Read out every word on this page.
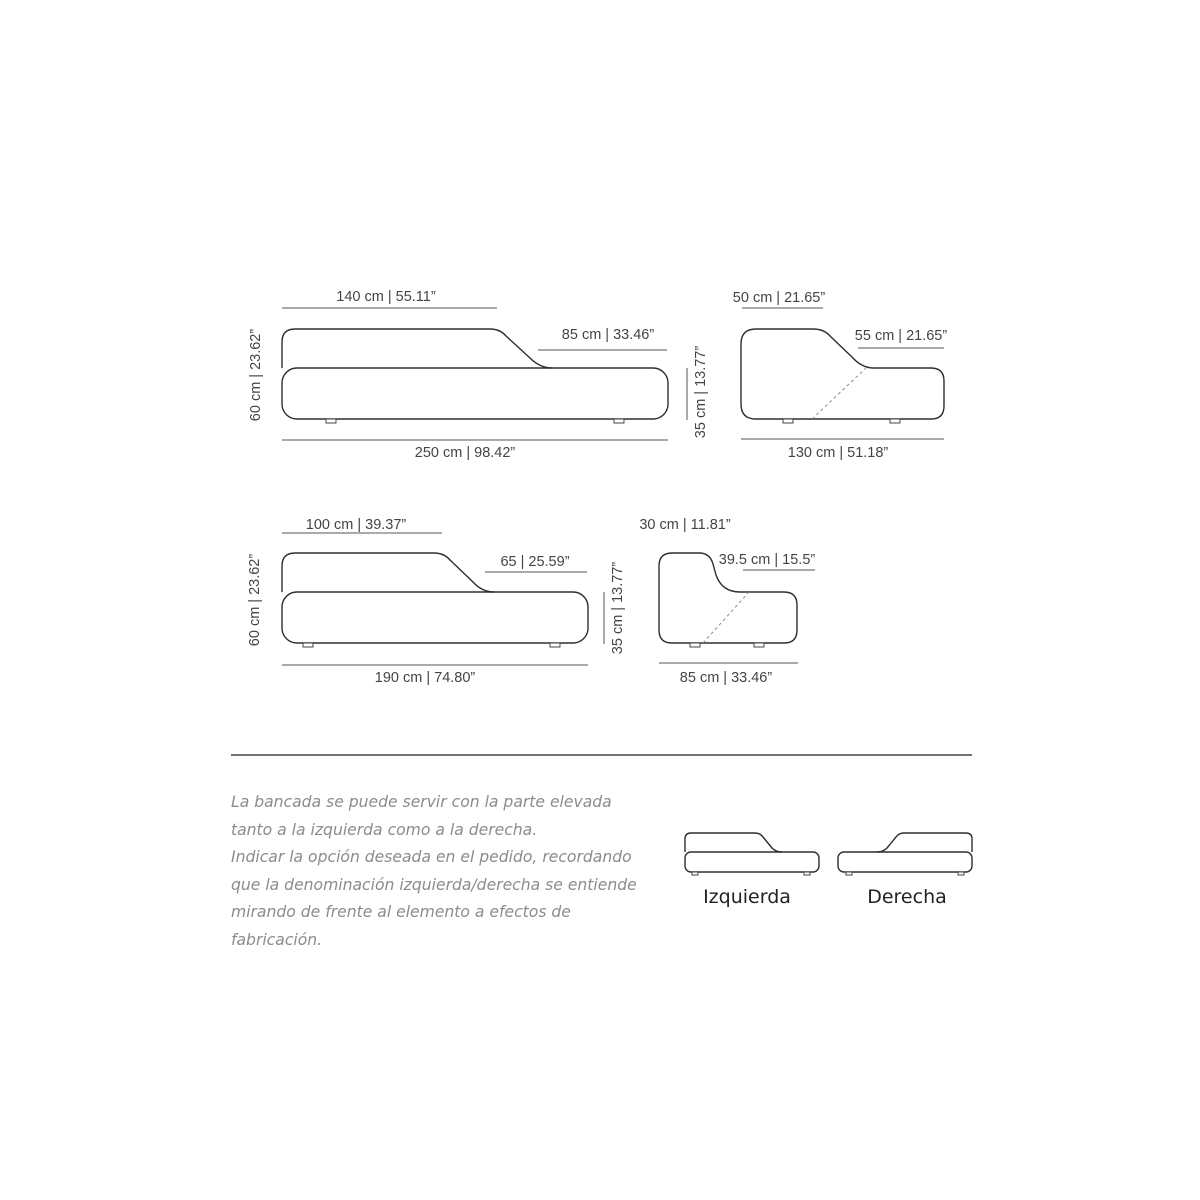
140 cm | 55.11”
85 cm | 33.46”
60 cm | 23.62”
250 cm | 98.42”
50 cm | 21.65”
55 cm | 21.65”
35 cm | 13.77”
130 cm | 51.18”
100 cm | 39.37”
65 | 25.59”
60 cm | 23.62”
190 cm | 74.80”
30 cm | 11.81”
39.5 cm | 15.5”
35 cm | 13.77”
85 cm | 33.46”
Izquierda	Derecha

La bancada se puede servir con la parte elevada
tanto a la izquierda como a la derecha.
Indicar la opción deseada en el pedido, recordando
que la denominación izquierda/derecha se entiende
mirando de frente al elemento a efectos de
fabricación.
